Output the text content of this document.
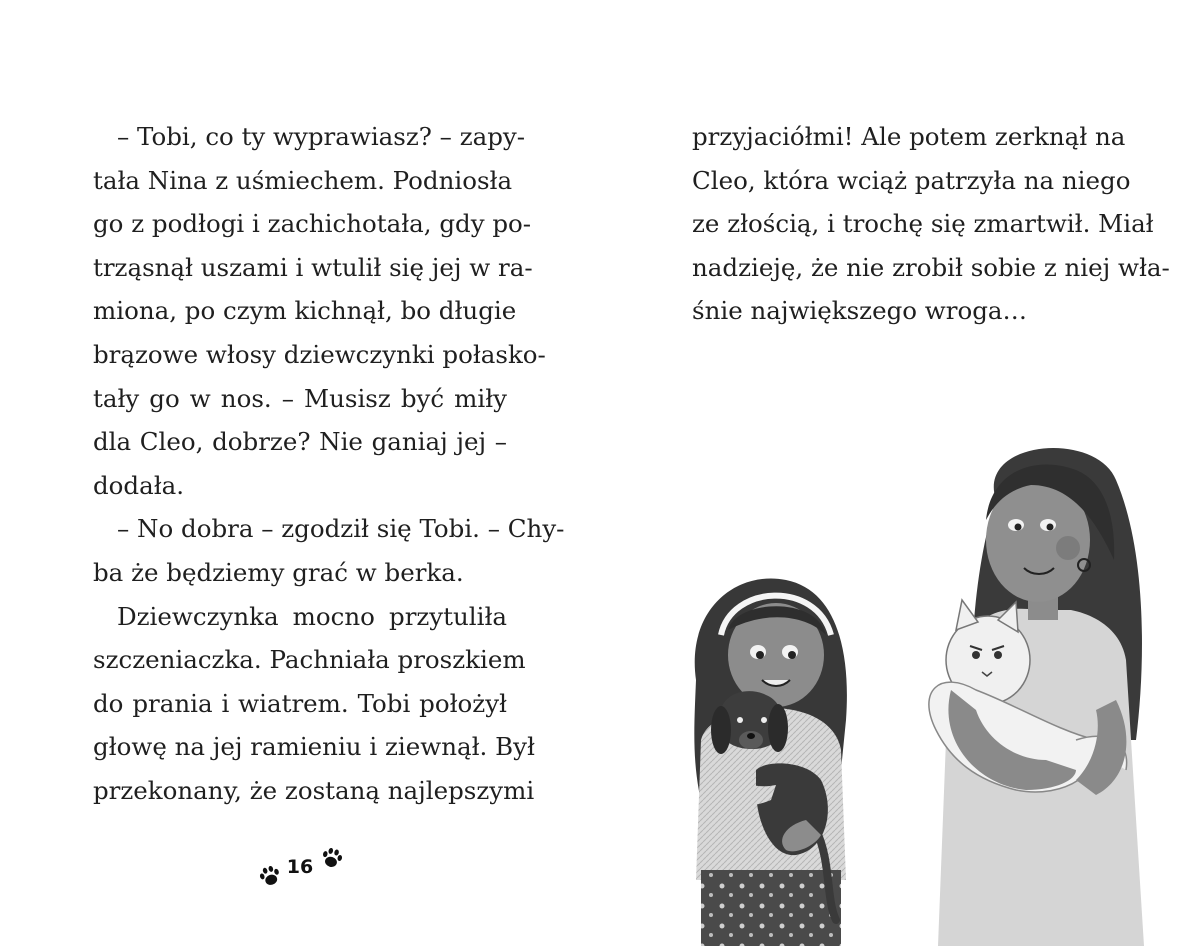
– Tobi, co ty wyprawiasz? – zapy-
tała Nina z uśmiechem. Podniosła
go z podłogi i zachichotała, gdy po-
trząsnął uszami i wtulił się jej w ra-
miona, po czym kichnął, bo długie
brązowe włosy dziewczynki połasko-
tały go w nos. – Musisz być miły
dla Cleo, dobrze? Nie ganiaj jej –
dodała.
– No dobra – zgodził się Tobi. – Chy-
ba że będziemy grać w berka.
Dziewczynka mocno przytuliła
szczeniaczka. Pachniała proszkiem
do prania i wiatrem. Tobi położył
głowę na jej ramieniu i ziewnął. Był
przekonany, że zostaną najlepszymi
16
przyjaciółmi! Ale potem zerknął na
Cleo, która wciąż patrzyła na niego
ze złością, i trochę się zmartwił. Miał
nadzieję, że nie zrobił sobie z niej wła-
śnie największego wroga…
